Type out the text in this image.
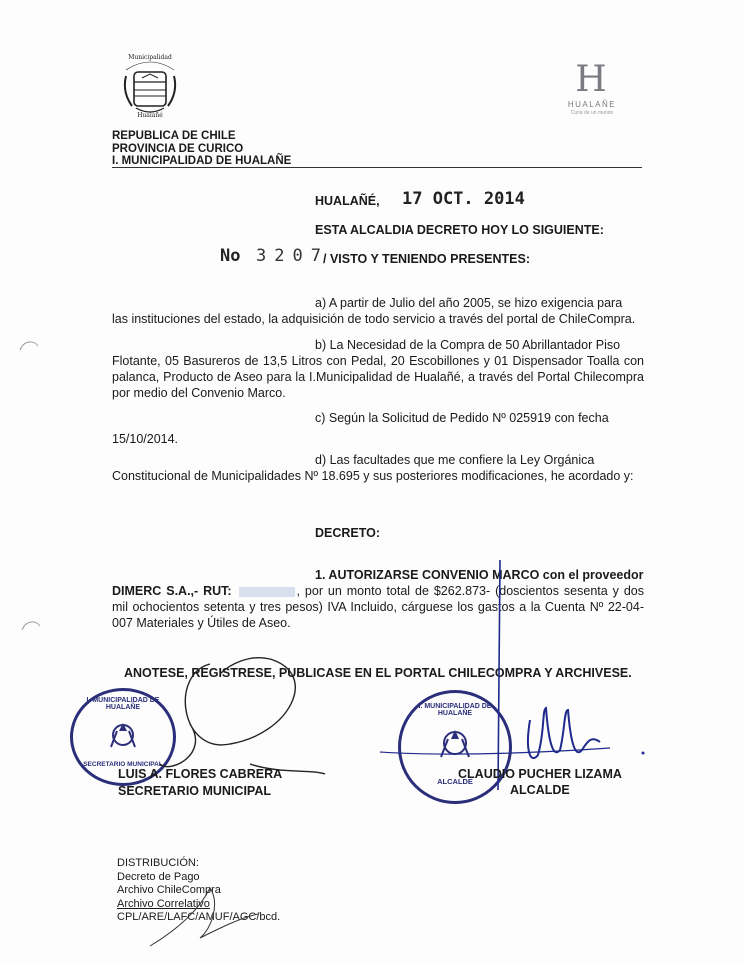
Municipalidad
Hualañé
REPUBLICA DE CHILE
PROVINCIA DE CURICO
I. MUNICIPALIDAD DE HUALAÑE
H
HUALAÑE
Cuna de un mundo
HUALAÑÉ, 17 OCT. 2014
ESTA ALCALDIA DECRETO HOY LO SIGUIENTE:
No 3207
/ VISTO Y TENIENDO PRESENTES:
a) A partir de Julio del año 2005, se hizo exigencia para
las instituciones del estado, la adquisición de todo servicio a través del portal de ChileCompra.
b) La Necesidad de la Compra de 50 Abrillantador Piso
Flotante, 05 Basureros de 13,5 Litros con Pedal, 20 Escobillones y 01 Dispensador Toalla con palanca, Producto de Aseo para la I.Municipalidad de Hualañé, a través del Portal Chilecompra por medio del Convenio Marco.
c) Según la Solicitud de Pedido Nº 025919 con fecha
15/10/2014.
d) Las facultades que me confiere la Ley Orgánica
Constitucional de Municipalidades Nº 18.695 y sus posteriores modificaciones, he acordado y:
DECRETO:
1. AUTORIZARSE CONVENIO MARCO con el proveedor
DIMERC S.A.,- RUT:	, por un monto total de $262.873- (doscientos sesenta y dos mil ochocientos setenta y tres pesos) IVA Incluido, cárguese los gastos a la Cuenta Nº 22-04-007 Materiales y Útiles de Aseo.
ANOTESE, REGISTRESE, PUBLICASE EN EL PORTAL CHILECOMPRA Y ARCHIVESE.
I. MUNICIPALIDAD DE HUALAÑE
SECRETARIO MUNICIPAL
LUIS A. FLORES CABRERA
SECRETARIO MUNICIPAL
I. MUNICIPALIDAD DE HUALAÑE
ALCALDE
CLAUDIO PUCHER LIZAMA
ALCALDE
DISTRIBUCIÓN:
Decreto de Pago
Archivo ChileCompra
Archivo Correlativo
CPL/ARE/LAFC/AMUF/AGC/bcd.
